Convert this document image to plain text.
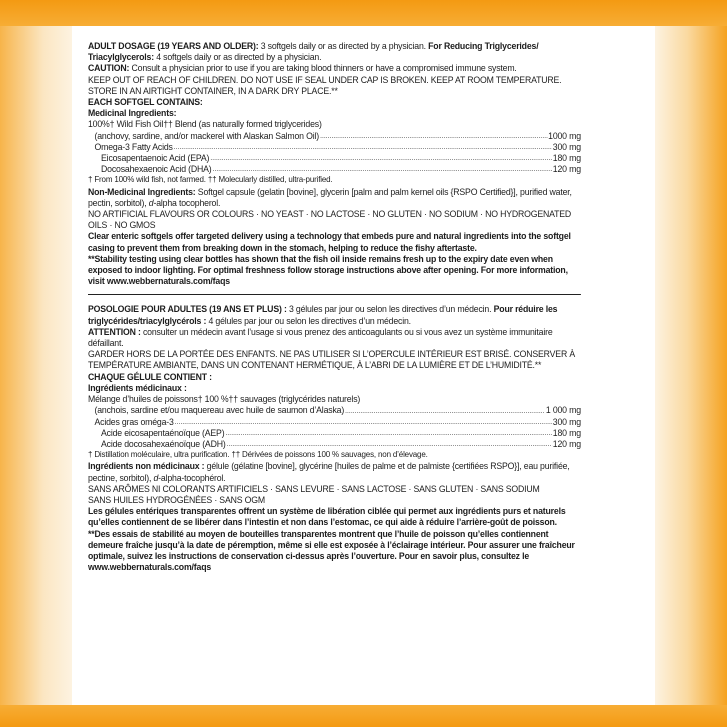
ADULT DOSAGE (19 YEARS AND OLDER): 3 softgels daily or as directed by a physician. For Reducing Triglycerides/ Triacylglycerols: 4 softgels daily or as directed by a physician.

CAUTION: Consult a physician prior to use if you are taking blood thinners or have a compromised immune system.

KEEP OUT OF REACH OF CHILDREN. DO NOT USE IF SEAL UNDER CAP IS BROKEN. KEEP AT ROOM TEMPERATURE. STORE IN AN AIRTIGHT CONTAINER, IN A DARK DRY PLACE.**

EACH SOFTGEL CONTAINS:

Medicinal Ingredients:

100%† Wild Fish Oil†† Blend (as naturally formed triglycerides)

(anchovy, sardine, and/or mackerel with Alaskan Salmon Oil) .....	1000 mg
Omega-3 Fatty Acids .....	300 mg
Eicosapentaenoic Acid (EPA) .....	180 mg
Docosahexaenoic Acid (DHA) .....	120 mg

† From 100% wild fish, not farmed. †† Molecularly distilled, ultra-purified.

Non-Medicinal Ingredients: Softgel capsule (gelatin [bovine], glycerin [palm and palm kernel oils {RSPO Certified}], purified water, pectin, sorbitol), d-alpha tocopherol.

NO ARTIFICIAL FLAVOURS OR COLOURS · NO YEAST · NO LACTOSE · NO GLUTEN · NO SODIUM · NO HYDROGENATED OILS · NO GMOS

Clear enteric softgels offer targeted delivery using a technology that embeds pure and natural ingredients into the softgel casing to prevent them from breaking down in the stomach, helping to reduce the fishy aftertaste.

**Stability testing using clear bottles has shown that the fish oil inside remains fresh up to the expiry date even when exposed to indoor lighting. For optimal freshness follow storage instructions above after opening. For more information, visit www.webbernaturals.com/faqs

POSOLOGIE POUR ADULTES (19 ANS ET PLUS) : 3 gélules par jour ou selon les directives d’un médecin. Pour réduire les triglycérides/triacylglycérols : 4 gélules par jour ou selon les directives d’un médecin.

ATTENTION : consulter un médecin avant l’usage si vous prenez des anticoagulants ou si vous avez un système immunitaire défaillant.

GARDER HORS DE LA PORTÉE DES ENFANTS. NE PAS UTILISER SI L’OPERCULE INTÉRIEUR EST BRISÉ. CONSERVER À TEMPÉRATURE AMBIANTE, DANS UN CONTENANT HERMÉTIQUE, À L’ABRI DE LA LUMIÈRE ET DE L’HUMIDITÉ.**

CHAQUE GÉLULE CONTIENT :

Ingrédients médicinaux :

Mélange d’huiles de poissons† 100 %†† sauvages (triglycérides naturels)

(anchois, sardine et/ou maquereau avec huile de saumon d’Alaska) .....	1 000 mg
Acides gras oméga-3 .....	300 mg
Acide eicosapentaénoïque (AEP) .....	180 mg
Acide docosahexaénoïque (ADH) .....	120 mg

† Distillation moléculaire, ultra purification. †† Dérivées de poissons 100 % sauvages, non d’élevage.

Ingrédients non médicinaux : gélule (gélatine [bovine], glycérine [huiles de palme et de palmiste {certifiées RSPO}], eau purifiée, pectine, sorbitol), d-alpha-tocophérol.

SANS ARÔMES NI COLORANTS ARTIFICIELS · SANS LEVURE · SANS LACTOSE · SANS GLUTEN · SANS SODIUM

SANS HUILES HYDROGÉNÉES · SANS OGM

Les gélules entériques transparentes offrent un système de libération ciblée qui permet aux ingrédients purs et naturels qu’elles contiennent de se libérer dans l’intestin et non dans l’estomac, ce qui aide à réduire l’arrière-goût de poisson.

**Des essais de stabilité au moyen de bouteilles transparentes montrent que l’huile de poisson qu’elles contiennent demeure fraîche jusqu’à la date de péremption, même si elle est exposée à l’éclairage intérieur. Pour assurer une fraîcheur optimale, suivez les instructions de conservation ci-dessus après l’ouverture. Pour en savoir plus, consultez le www.webbernaturals.com/faqs
